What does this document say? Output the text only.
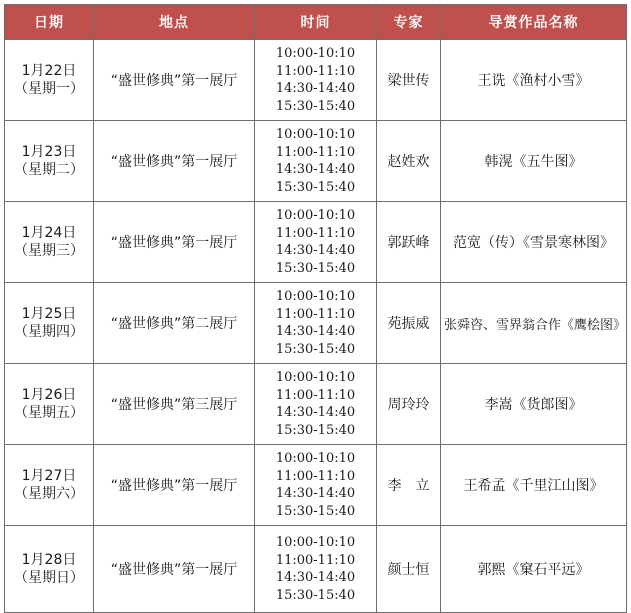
日期	地点	时间	专家	导赏作品名称

1月22日
（星期一）	“盛世修典”第一展厅	10:00-10:10
11:00-11:10
14:30-14:40
15:30-15:40	梁世传	王诜《渔村小雪》

1月23日
（星期二）	“盛世修典”第一展厅	10:00-10:10
11:00-11:10
14:30-14:40
15:30-15:40	赵姓欢	韩滉《五牛图》

1月24日
（星期三）	“盛世修典”第一展厅	10:00-10:10
11:00-11:10
14:30-14:40
15:30-15:40	郭跃峰	范宽（传）《雪景寒林图》

1月25日
（星期四）	“盛世修典”第二展厅	10:00-10:10
11:00-11:10
14:30-14:40
15:30-15:40	苑振威	张舜咨、雪界翁合作《鹰桧图》

1月26日
（星期五）	“盛世修典”第三展厅	10:00-10:10
11:00-11:10
14:30-14:40
15:30-15:40	周玲玲	李嵩《货郎图》

1月27日
（星期六）	“盛世修典”第一展厅	10:00-10:10
11:00-11:10
14:30-14:40
15:30-15:40	李　立	王希孟《千里江山图》

1月28日
（星期日）	“盛世修典”第一展厅	10:00-10:10
11:00-11:10
14:30-14:40
15:30-15:40	颜士恒	郭熙《窠石平远》
